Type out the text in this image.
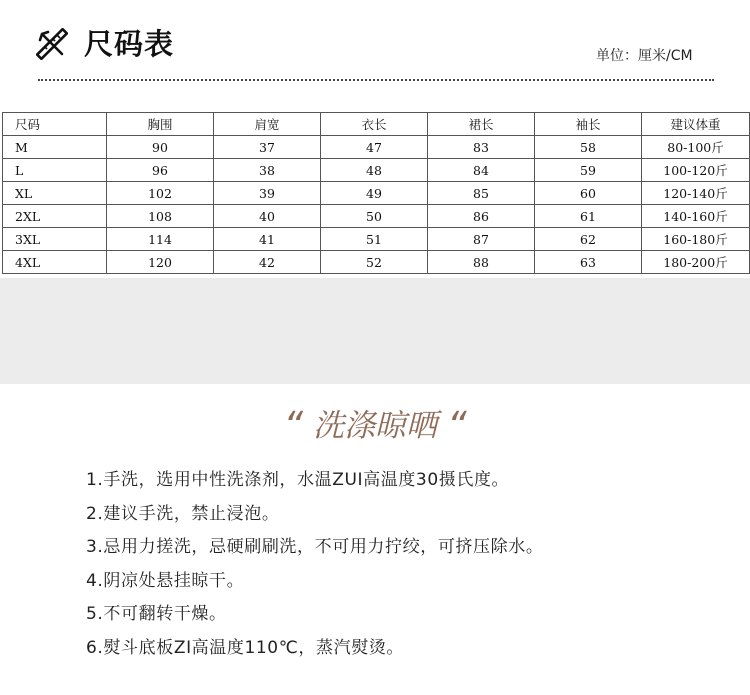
尺码表	单位：厘米/CM
尺码	胸围	肩宽	衣长	裙长	袖长	建议体重
M	90	37	47	83	58	80-100斤
L	96	38	48	84	59	100-120斤
XL	102	39	49	85	60	120-140斤
2XL	108	40	50	86	61	140-160斤
3XL	114	41	51	87	62	160-180斤
4XL	120	42	52	88	63	180-200斤
“ 洗涤晾晒 “
1.手洗，选用中性洗涤剂，水温ZUI高温度30摄氏度。
2.建议手洗，禁止浸泡。
3.忌用力搓洗，忌硬刷刷洗，不可用力拧绞，可挤压除水。
4.阴凉处悬挂晾干。
5.不可翻转干燥。
6.熨斗底板ZI高温度110℃，蒸汽熨烫。
